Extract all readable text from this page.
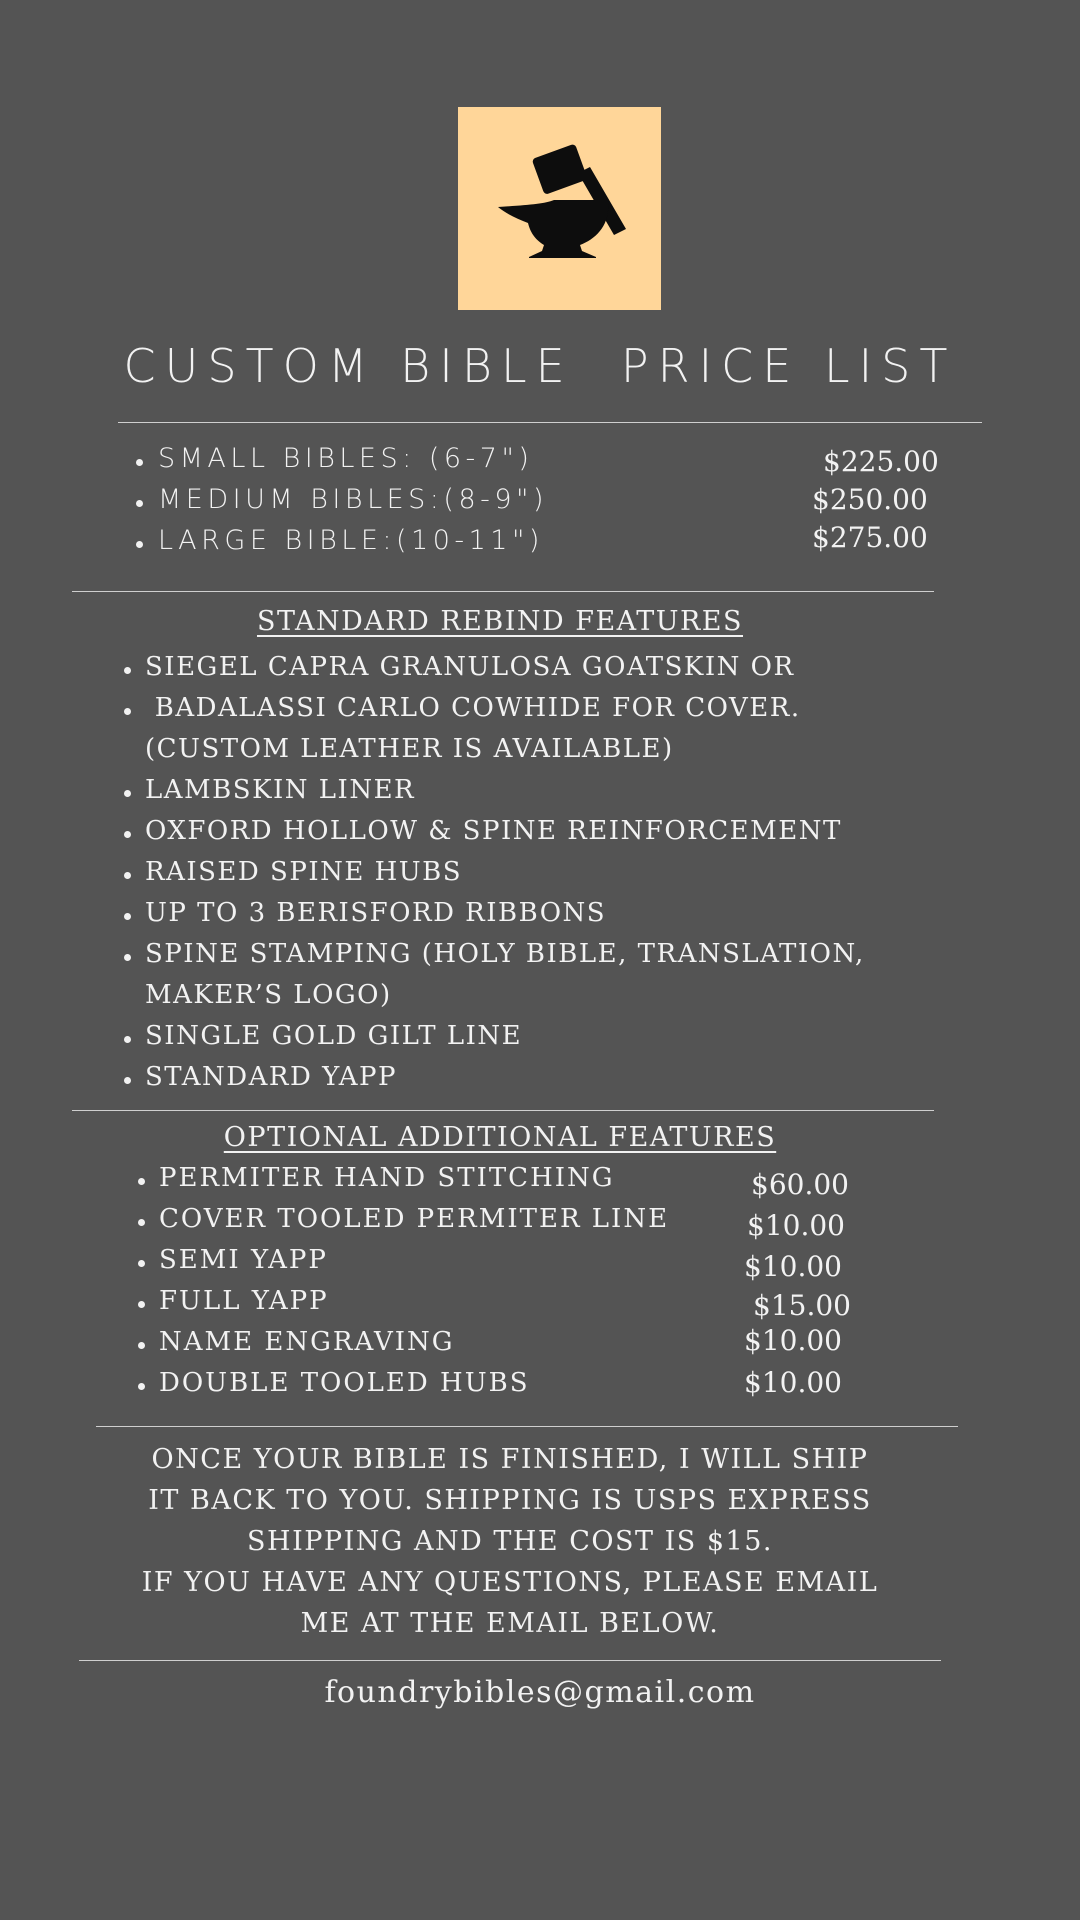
CUSTOM BIBLE  PRICE LIST
SMALL BIBLES: (6-7")	$225.00
MEDIUM BIBLES:(8-9")	$250.00
LARGE BIBLE:(10-11")	$275.00
STANDARD REBIND FEATURES
SIEGEL CAPRA GRANULOSA GOATSKIN OR
BADALASSI CARLO COWHIDE FOR COVER.
(CUSTOM LEATHER IS AVAILABLE)
LAMBSKIN LINER
OXFORD HOLLOW & SPINE REINFORCEMENT
RAISED SPINE HUBS
UP TO 3 BERISFORD RIBBONS
SPINE STAMPING (HOLY BIBLE, TRANSLATION,
MAKER’S LOGO)
SINGLE GOLD GILT LINE
STANDARD YAPP
OPTIONAL ADDITIONAL FEATURES
PERMITER HAND STITCHING	$60.00
COVER TOOLED PERMITER LINE	$10.00
SEMI YAPP	$10.00
FULL YAPP	$15.00
NAME ENGRAVING	$10.00
DOUBLE TOOLED HUBS	$10.00
ONCE YOUR BIBLE IS FINISHED, I WILL SHIP
IT BACK TO YOU. SHIPPING IS USPS EXPRESS
SHIPPING AND THE COST IS $15.
IF YOU HAVE ANY QUESTIONS, PLEASE EMAIL
ME AT THE EMAIL BELOW.
foundrybibles@gmail.com
